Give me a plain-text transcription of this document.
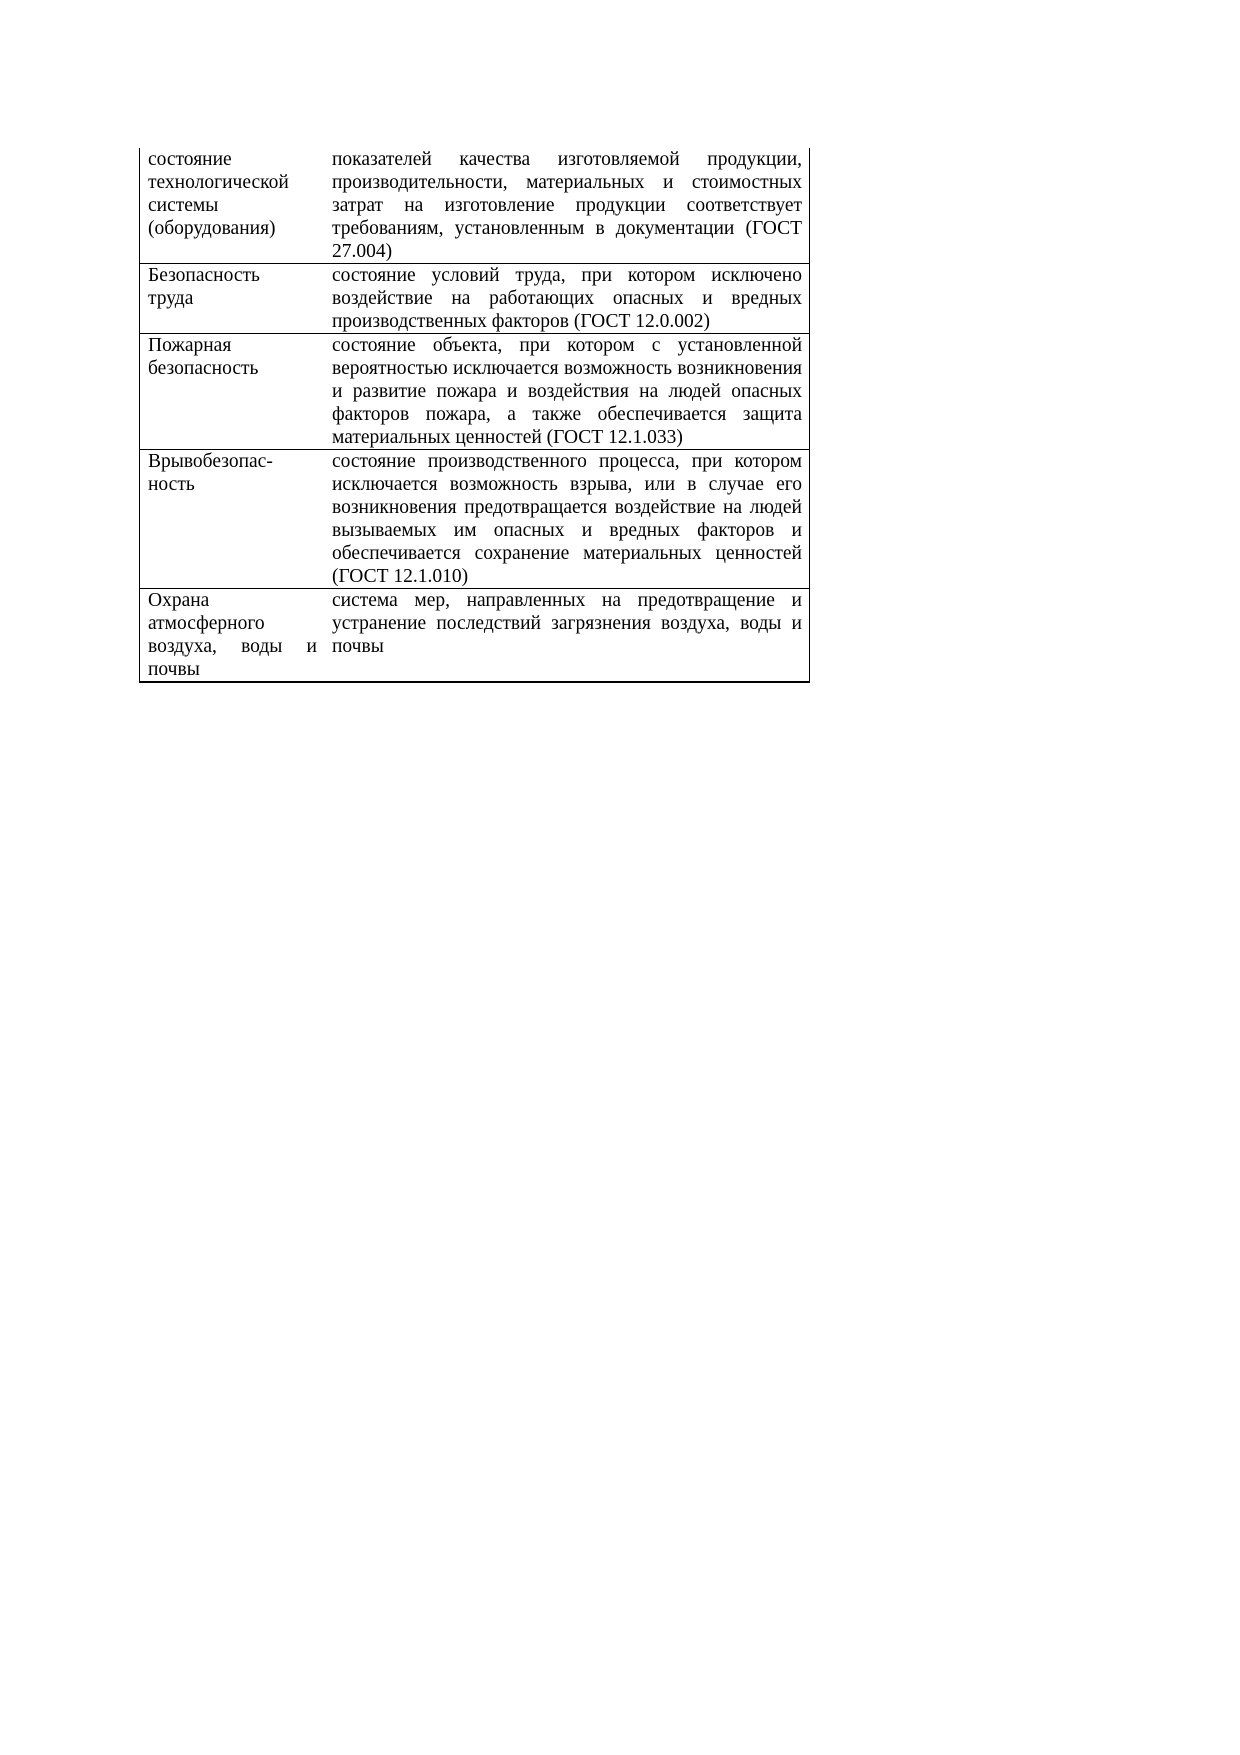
состояние
технологической
системы
(оборудования)
показателей качества изготовляемой продукции, производительности, материальных и стоимостных затрат на изготовление продукции соответствует требованиям, установленным в документации (ГОСТ 27.004)
Безопасность
труда
состояние условий труда, при котором исключено воздействие на работающих опасных и вредных производственных факторов (ГОСТ 12.0.002)
Пожарная
безопасность
состояние объекта, при котором с установленной вероятностью исключается возможность возникновения и развитие пожара и воздействия на людей опасных факторов пожара, а также обеспечивается защита материальных ценностей (ГОСТ 12.1.033)
Врывобезопас-
ность
состояние производственного процесса, при котором исключается возможность взрыва, или в случае его возникновения предотвращается воздействие на людей вызываемых им опасных и вредных факторов и обеспечивается сохранение материальных ценностей (ГОСТ 12.1.010)
Охрана
атмосферного
воздуха, воды и
почвы
система мер, направленных на предотвращение и устранение последствий загрязнения воздуха, воды и почвы
